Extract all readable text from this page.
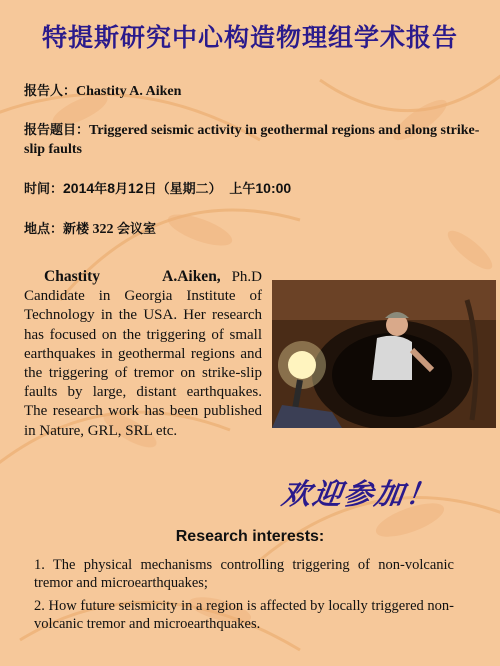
特提斯研究中心构造物理组学术报告
报告人：Chastity A. Aiken
报告题目：Triggered seismic activity in geothermal regions and along strike-slip faults
时间：2014年8月12日（星期二） 上午10:00
地点：新楼 322 会议室
Chastity A.Aiken, Ph.D Candidate in Georgia Institute of Technology in the USA. Her research has focused on the triggering of small earthquakes in geothermal regions and the triggering of tremor on strike-slip faults by large, distant earthquakes. The research work has been published in Nature, GRL, SRL etc.
欢迎参加！
Research interests:
1. The physical mechanisms controlling triggering of non-volcanic tremor and microearthquakes;
2. How future seismicity in a region is affected by locally triggered non-volcanic tremor and microearthquakes.
